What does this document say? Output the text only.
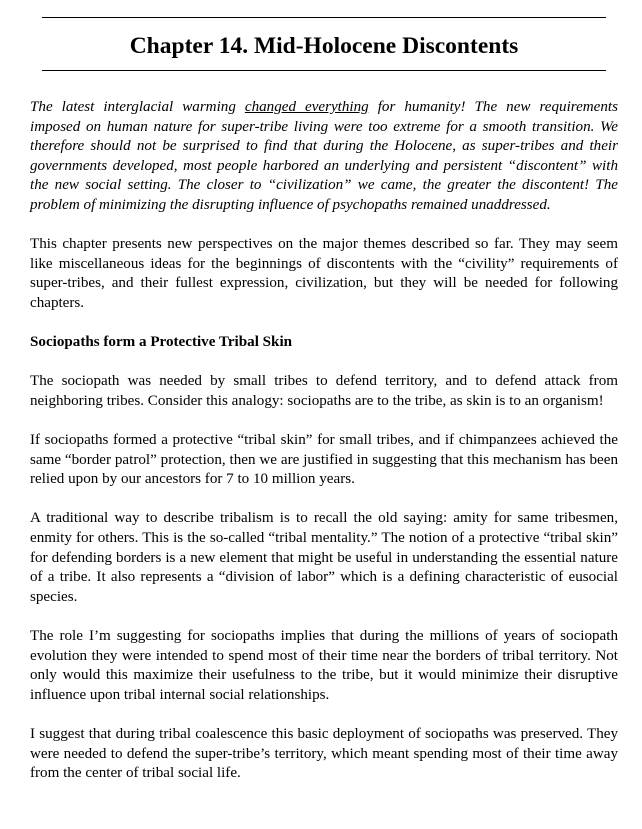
Chapter 14. Mid-Holocene Discontents

The latest interglacial warming changed everything for humanity! The new requirements imposed on human nature for super-tribe living were too extreme for a smooth transition. We therefore should not be surprised to find that during the Holocene, as super-tribes and their governments developed, most people harbored an underlying and persistent “discontent” with the new social setting. The closer to “civilization” we came, the greater the discontent! The problem of minimizing the disrupting influence of psychopaths remained unaddressed.

This chapter presents new perspectives on the major themes described so far. They may seem like miscellaneous ideas for the beginnings of discontents with the “civility” requirements of super-tribes, and their fullest expression, civilization, but they will be needed for following chapters.

Sociopaths form a Protective Tribal Skin

The sociopath was needed by small tribes to defend territory, and to defend attack from neighboring tribes. Consider this analogy: sociopaths are to the tribe, as skin is to an organism!

If sociopaths formed a protective “tribal skin” for small tribes, and if chimpanzees achieved the same “border patrol” protection, then we are justified in suggesting that this mechanism has been relied upon by our ancestors for 7 to 10 million years.

A traditional way to describe tribalism is to recall the old saying: amity for same tribesmen, enmity for others. This is the so-called “tribal mentality.” The notion of a protective “tribal skin” for defending borders is a new element that might be useful in understanding the essential nature of a tribe. It also represents a “division of labor” which is a defining characteristic of eusocial species.

The role I’m suggesting for sociopaths implies that during the millions of years of sociopath evolution they were intended to spend most of their time near the borders of tribal territory. Not only would this maximize their usefulness to the tribe, but it would minimize their disruptive influence upon tribal internal social relationships.

I suggest that during tribal coalescence this basic deployment of sociopaths was preserved. They were needed to defend the super-tribe’s territory, which meant spending most of their time away from the center of tribal social life.
